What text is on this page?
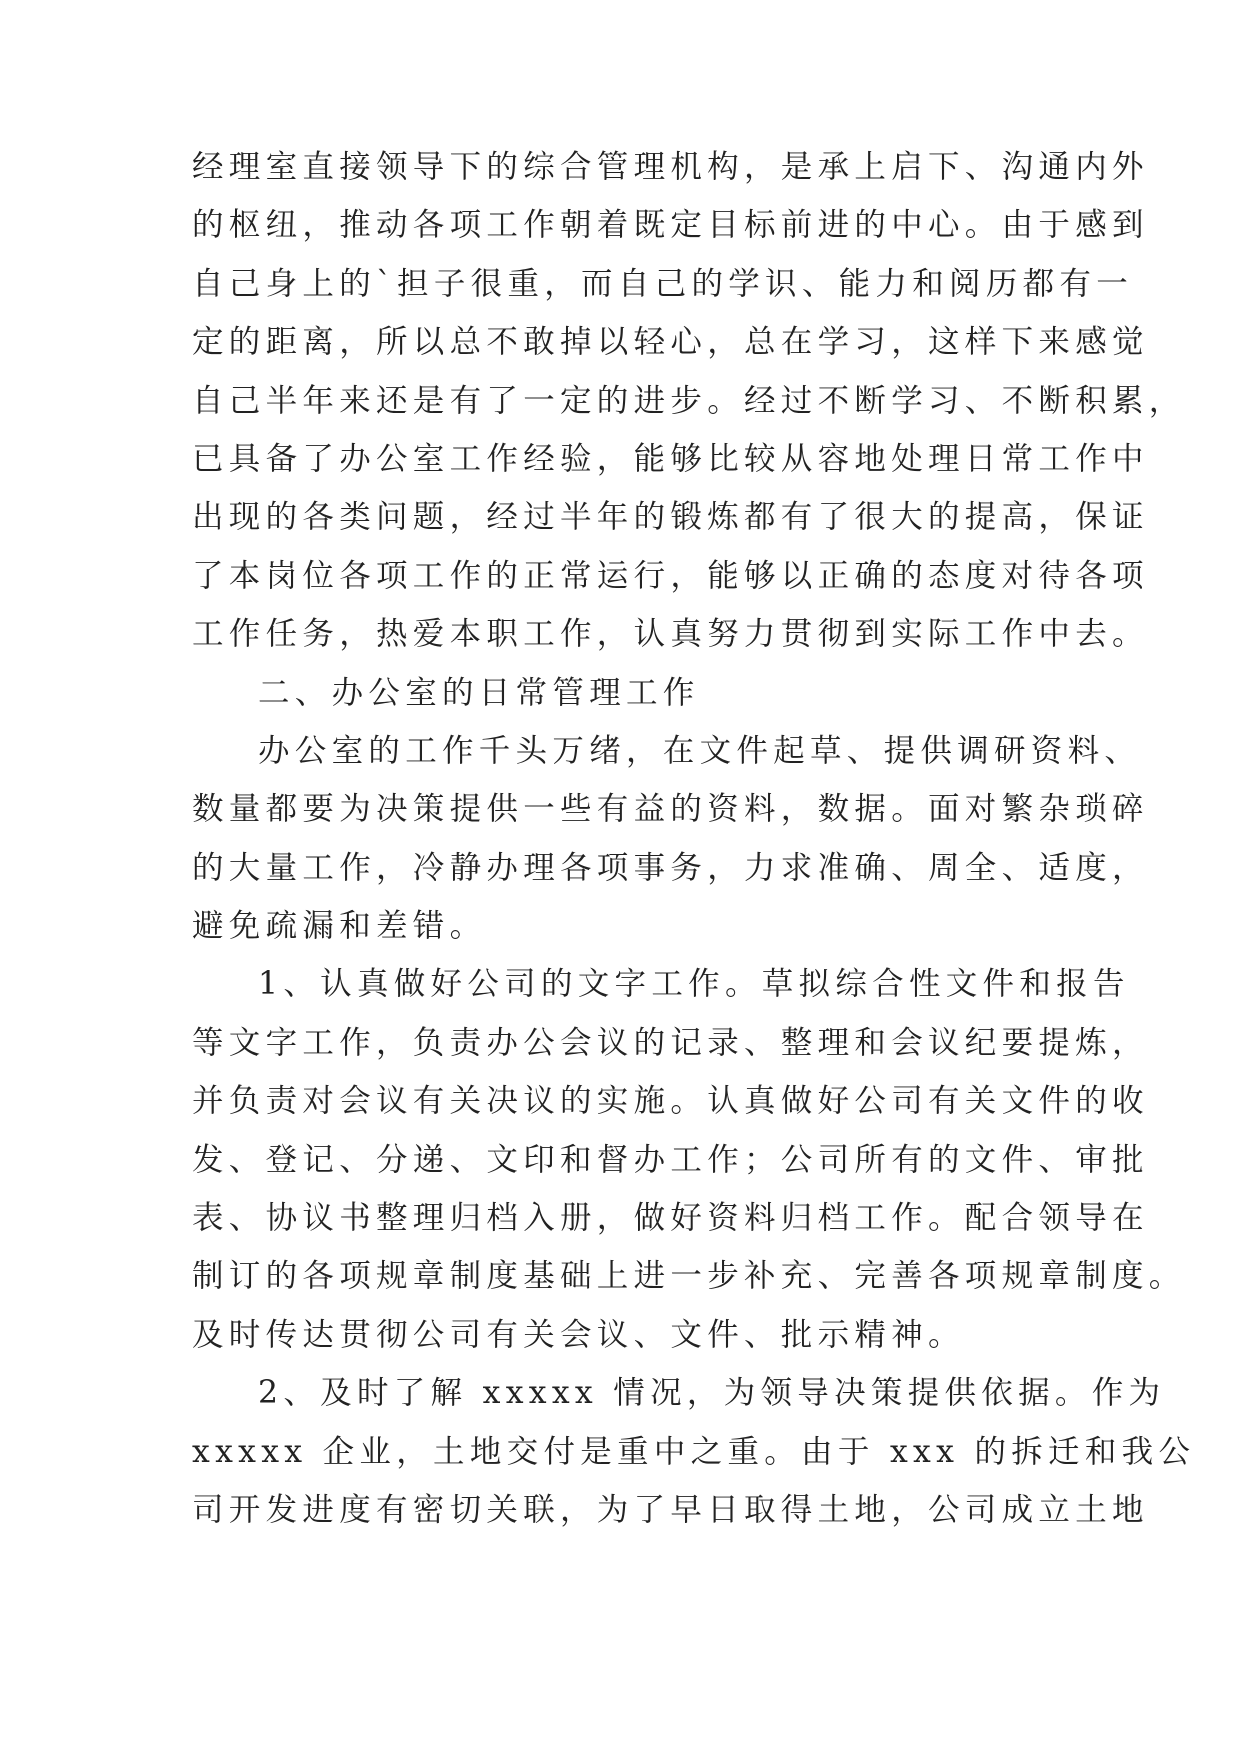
经理室直接领导下的综合管理机构，是承上启下、沟通内外
的枢纽，推动各项工作朝着既定目标前进的中心。由于感到
自己身上的`担子很重，而自己的学识、能力和阅历都有一
定的距离，所以总不敢掉以轻心，总在学习，这样下来感觉
自己半年来还是有了一定的进步。经过不断学习、不断积累，
已具备了办公室工作经验，能够比较从容地处理日常工作中
出现的各类问题，经过半年的锻炼都有了很大的提高，保证
了本岗位各项工作的正常运行，能够以正确的态度对待各项
工作任务，热爱本职工作，认真努力贯彻到实际工作中去。
二、办公室的日常管理工作
办公室的工作千头万绪，在文件起草、提供调研资料、
数量都要为决策提供一些有益的资料，数据。面对繁杂琐碎
的大量工作，冷静办理各项事务，力求准确、周全、适度，
避免疏漏和差错。
1、认真做好公司的文字工作。草拟综合性文件和报告
等文字工作，负责办公会议的记录、整理和会议纪要提炼，
并负责对会议有关决议的实施。认真做好公司有关文件的收
发、登记、分递、文印和督办工作；公司所有的文件、审批
表、协议书整理归档入册，做好资料归档工作。配合领导在
制订的各项规章制度基础上进一步补充、完善各项规章制度。
及时传达贯彻公司有关会议、文件、批示精神。
2、及时了解 xxxxx 情况，为领导决策提供依据。作为
xxxxx 企业，土地交付是重中之重。由于 xxx 的拆迁和我公
司开发进度有密切关联，为了早日取得土地，公司成立土地
